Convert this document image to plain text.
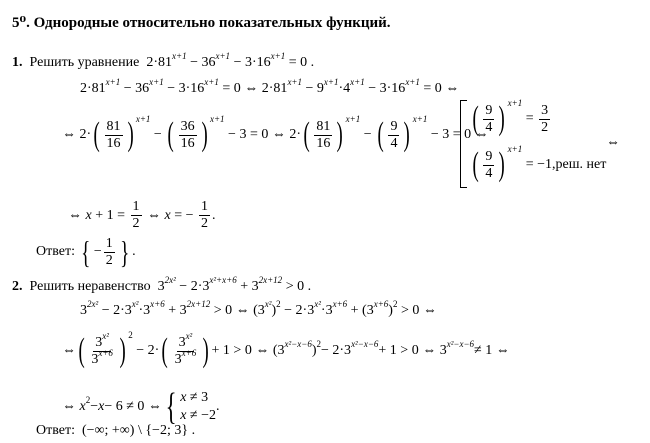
5⁰. Однородные относительно показательных функций.
1. Решить уравнение $2\cdot 81^{x+1} - 36^{x+1} - 3\cdot 16^{x+1} = 0$ .
$2\cdot 81^{x+1} - 36^{x+1} - 3\cdot 16^{x+1} = 0$ ⇔ $2\cdot 81^{x+1} - 9^{x+1}\cdot 4^{x+1} - 3\cdot 16^{x+1} = 0$ ⇔
⇔ 2· ( $\frac{81}{16}$ ) $^{x+1}$
− ( $\frac{36}{16}$ ) $^{x+1}$
− 3 = 0 ⇔ 2· ( $\frac{81}{16}$ ) $^{x+1}$
− ( $\frac{9}{4}$ ) $^{x+1}$
− 3 = 0 ⇔
( $\frac{9}{4}$ ) $^{x+1}$
= $\frac{3}{2}$
( $\frac{9}{4}$ ) $^{x+1}$
= −1, реш. нет
⇔
⇔ $x + 1 = \frac{1}{2}$ ⇔ x = − $\frac{1}{2}$ .
Ответ:
{ − $\frac{1}{2}$ } .
2. Решить неравенство  $3^{2x^2} - 2\cdot 3^{x^2+x+6} + 3^{2x+12} > 0$ .
$3^{2x^2} - 2\cdot 3^{x^2}\cdot 3^{x+6} + 3^{2x+12} > 0$ ⇔ $(3^{x^2})^2 - 2\cdot 3^{x^2}\cdot 3^{x+6} + (3^{x+6})^2 > 0$ ⇔
⇔ ( $\frac{3^{x^2}}{3^{x+6}}$ ) $^2$
− 2· ( $\frac{3^{x^2}}{3^{x+6}}$ ) + 1 > 0 ⇔ ($3^{x^2-x-6}$ )$^2 - 2\cdot 3^{x^2-x-6} + 1 > 0$ ⇔ $3^{x^2-x-6} \ne 1$ ⇔
⇔ $x^2 - x - 6 \ne 0$ ⇔ { x ≠ 3
x ≠ −2
.
Ответ: (−∞; +∞) \ {−2; 3} .
